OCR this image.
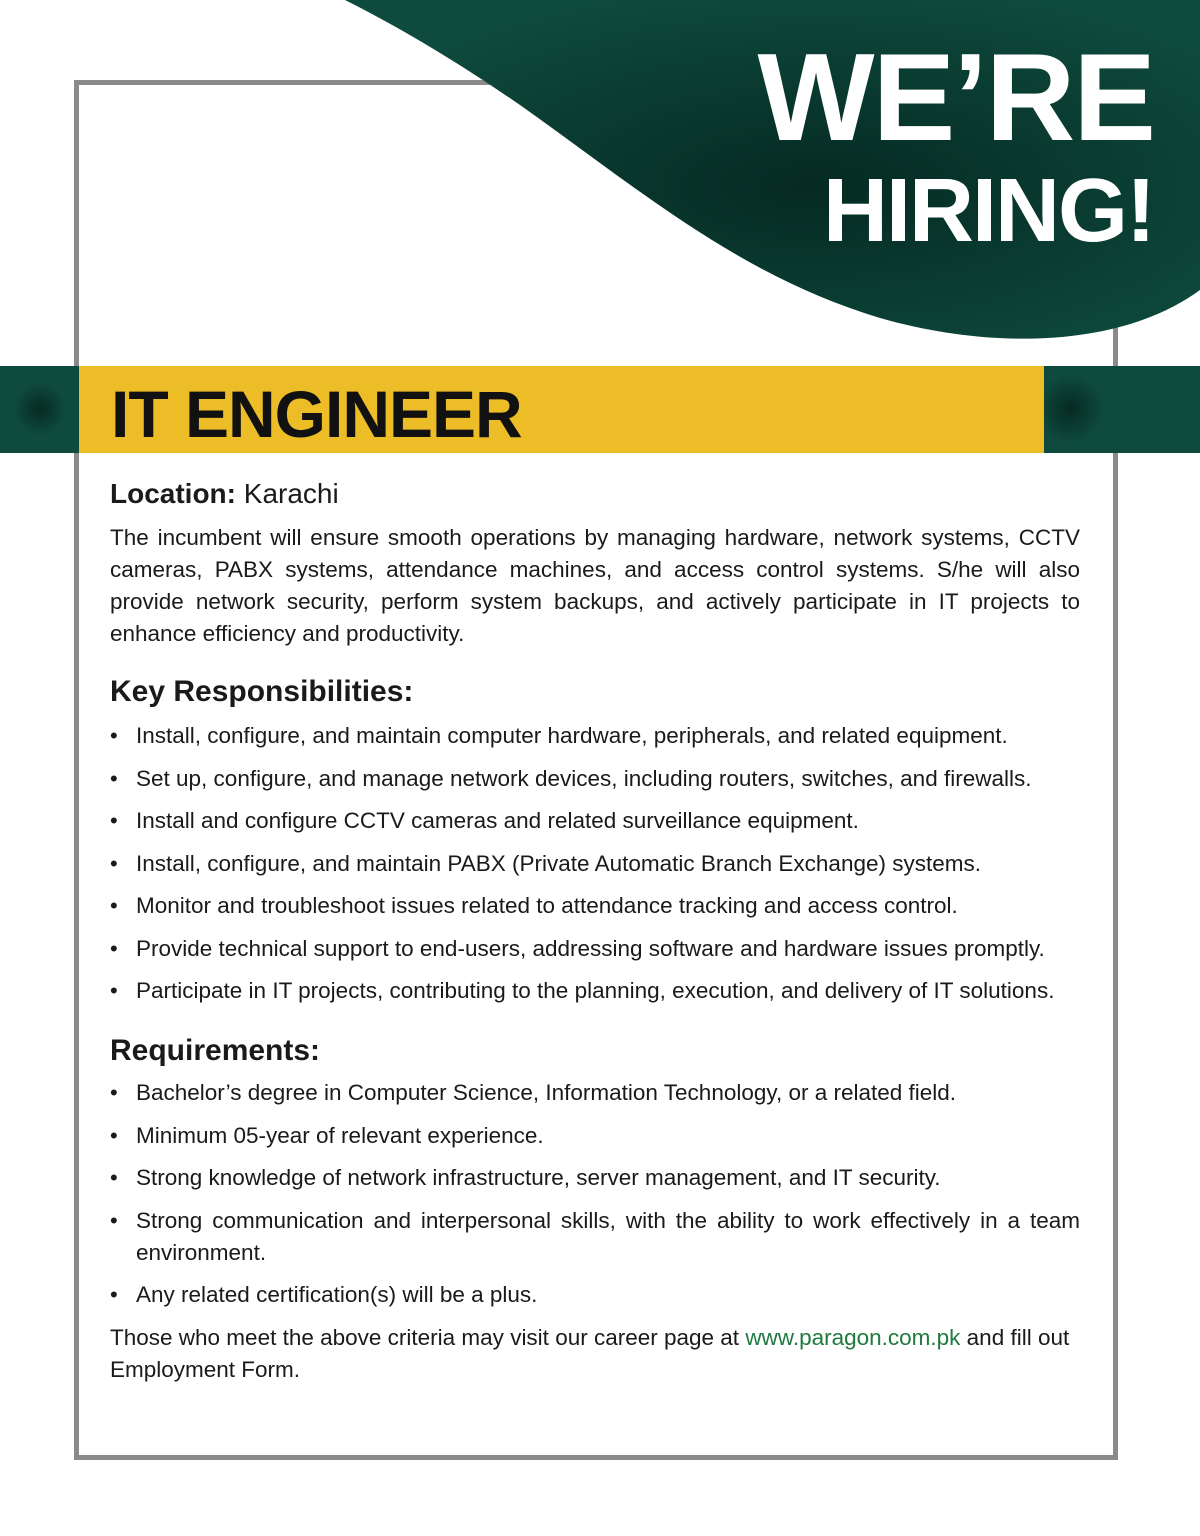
WE’RE
HIRING!
IT ENGINEER

Location: Karachi

The incumbent will ensure smooth operations by managing hardware, network systems, CCTV cameras, PABX systems, attendance machines, and access control systems. S/he will also provide network security, perform system backups, and actively participate in IT projects to enhance efficiency and productivity.

Key Responsibilities:
• Install, configure, and maintain computer hardware, peripherals, and related equipment.
• Set up, configure, and manage network devices, including routers, switches, and firewalls.
• Install and configure CCTV cameras and related surveillance equipment.
• Install, configure, and maintain PABX (Private Automatic Branch Exchange) systems.
• Monitor and troubleshoot issues related to attendance tracking and access control.
• Provide technical support to end-users, addressing software and hardware issues promptly.
• Participate in IT projects, contributing to the planning, execution, and delivery of IT solutions.
Requirements:
• Bachelor’s degree in Computer Science, Information Technology, or a related field.
• Minimum 05-year of relevant experience.
• Strong knowledge of network infrastructure, server management, and IT security.
• Strong communication and interpersonal skills, with the ability to work effectively in a team environment.
• Any related certification(s) will be a plus.

Those who meet the above criteria may visit our career page at www.paragon.com.pk and fill out Employment Form.
